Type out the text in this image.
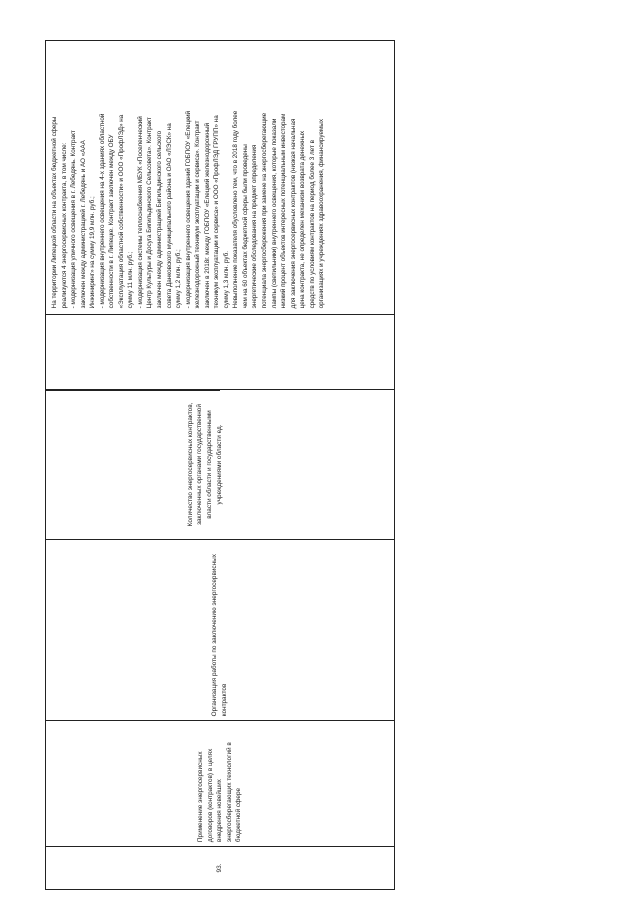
93.
Применение энергосервисных договоров (контрактов) в целях внедрения новейших энергосберегающих технологий в бюджетной сфере
Организация работы по заключению энергосервисных контрактов
Количество энергосервисных контрактов, заключенных органами государственной власти области и государственными учреждениями области ед.
На территории Липецкой области на объектах бюджетной сферы реализуются 4 энергосервисных контракта, в том числе: - модернизация уличного освещения в г. Лебедянь. Контракт заключен между администрацией г. Лебедянь и АО «ААА Инжиниринг» на сумму 19,9 млн. руб.; - модернизация внутреннего освещения на 4-х зданиях областной собственности в г. Липецке. Контракт заключен между ОБУ «Эксплуатация областной собственности» и ООО «ПрофЛЭД» на сумму 11 млн. руб.; - модернизация системы теплоснабжения МБУК «Поселенческий Центр Культуры и Досуга Бигильдинского Сельсовета». Контракт заключен между администрацией Бигильдинского сельского совета Данковского муниципального района и ОАО «ЛЭСК» на сумму 1,2 млн. руб.; - модернизация внутреннего освещения зданий ГОБПОУ «Елецкий железнодорожный техникум эксплуатации и сервиса». Контракт заключен в 2018г. между ГОБПОУ «Елецкий железнодорожный техникум эксплуатации и сервиса» и ООО «ПрофЛЭД ГРУПП» на сумму 1,3 млн. руб. Невыполнение показателя обусловлено тем, что в 2018 году более чем на 60 объектах бюджетной сферы были проведены энергетические обследования на предмет определения потенциала энергосбережения при замене на энергосберегающие лампы (светильники) внутреннего освещения, которые показали низкий процент объектов интересных потенциальным инвесторам для заключения энергосервисных контрактов (низкая начальная цена контракта, не определен механизм возврата денежных средств по условиям контрактов на период более 3 лет в организациях и учреждениях здравоохранения, финансируемых
